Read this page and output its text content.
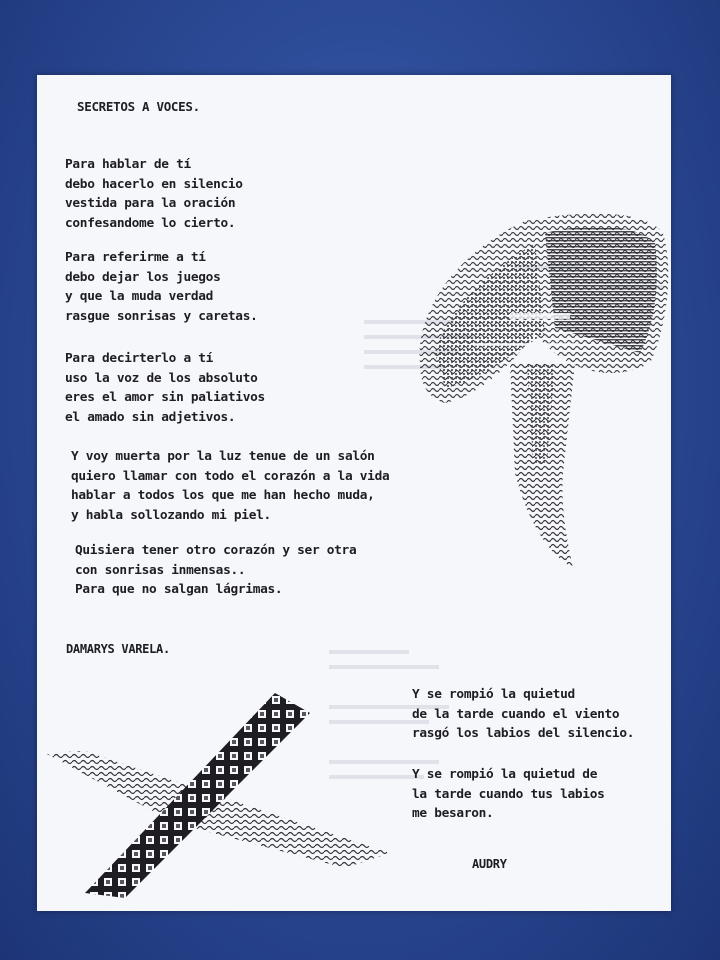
SECRETOS A VOCES.
Para hablar de tí
debo hacerlo en silencio
vestida para la oración
confesandome lo cierto.
Para referirme a tí
debo dejar los juegos
y que la muda verdad
rasgue sonrisas y caretas.
Para decirterlo a tí
uso la voz de los absoluto
eres el amor sin paliativos
el amado sin adjetivos.
Y voy muerta por la luz tenue de un salón
quiero llamar con todo el corazón a la vida
hablar a todos los que me han hecho muda,
y habla sollozando mi piel.
Quisiera tener otro corazón y ser otra
con sonrisas inmensas..
Para que no salgan lágrimas.
DAMARYS VARELA.
Y se rompió la quietud
de la tarde cuando el viento
rasgó los labios del silencio.
Y se rompió la quietud de
la tarde cuando tus labios
me besaron.
AUDRY
